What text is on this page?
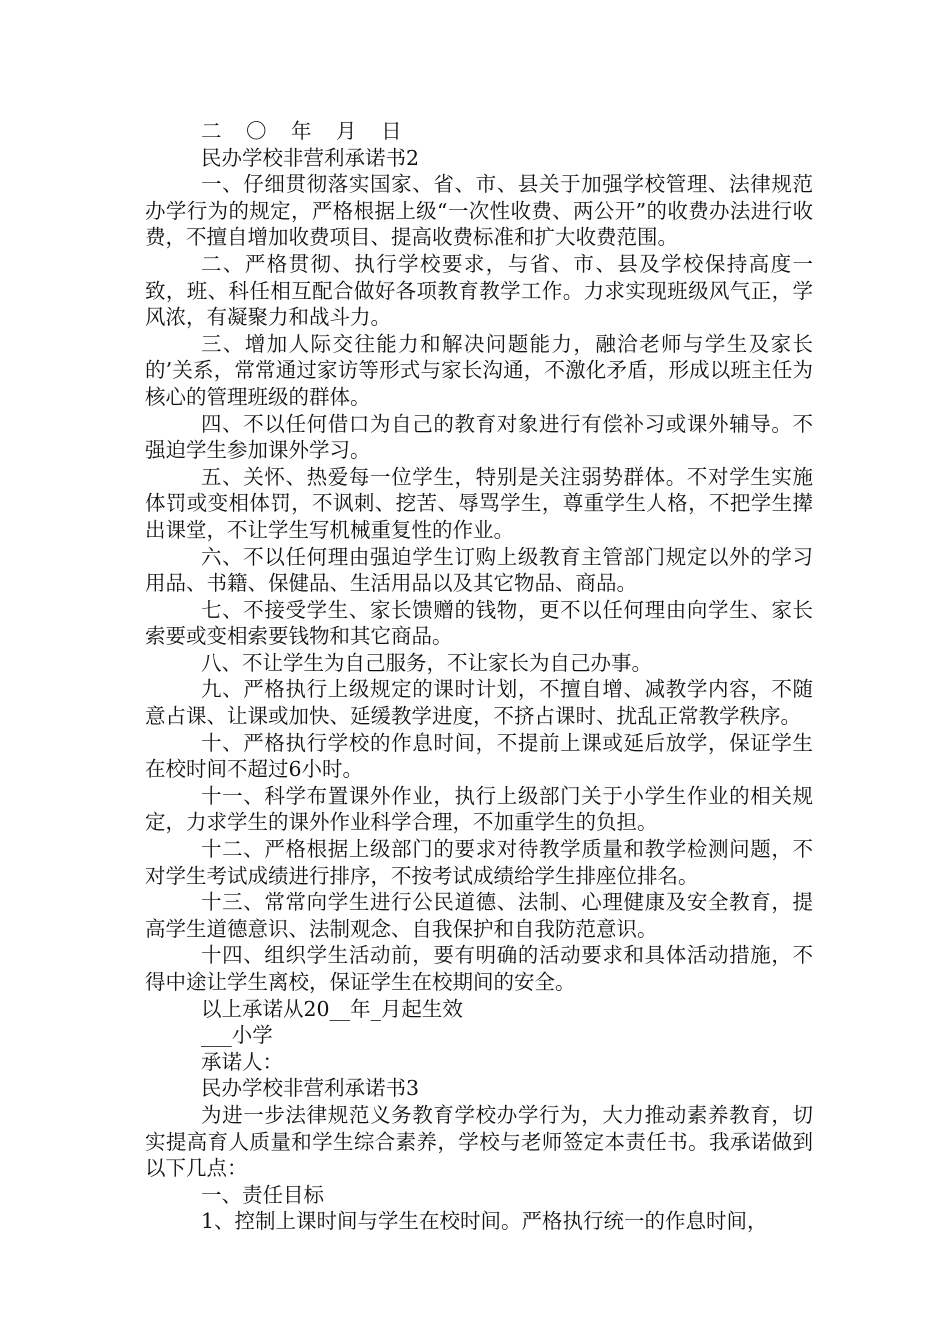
二 〇 年 月 日

民办学校非营利承诺书2

一、仔细贯彻落实国家、省、市、县关于加强学校管理、法律规范办学行为的规定，严格根据上级“一次性收费、两公开”的收费办法进行收费，不擅自增加收费项目、提高收费标准和扩大收费范围。

二、严格贯彻、执行学校要求，与省、市、县及学校保持高度一致，班、科任相互配合做好各项教育教学工作。力求实现班级风气正，学风浓，有凝聚力和战斗力。

三、增加人际交往能力和解决问题能力，融洽老师与学生及家长的’关系，常常通过家访等形式与家长沟通，不激化矛盾，形成以班主任为核心的管理班级的群体。

四、不以任何借口为自己的教育对象进行有偿补习或课外辅导。不强迫学生参加课外学习。

五、关怀、热爱每一位学生，特别是关注弱势群体。不对学生实施体罚或变相体罚，不讽刺、挖苦、辱骂学生，尊重学生人格，不把学生撵出课堂，不让学生写机械重复性的作业。

六、不以任何理由强迫学生订购上级教育主管部门规定以外的学习用品、书籍、保健品、生活用品以及其它物品、商品。

七、不接受学生、家长馈赠的钱物，更不以任何理由向学生、家长索要或变相索要钱物和其它商品。

八、不让学生为自己服务，不让家长为自己办事。

九、严格执行上级规定的课时计划，不擅自增、减教学内容，不随意占课、让课或加快、延缓教学进度，不挤占课时、扰乱正常教学秩序。

十、严格执行学校的作息时间，不提前上课或延后放学，保证学生在校时间不超过6小时。

十一、科学布置课外作业，执行上级部门关于小学生作业的相关规定，力求学生的课外作业科学合理，不加重学生的负担。

十二、严格根据上级部门的要求对待教学质量和教学检测问题，不对学生考试成绩进行排序，不按考试成绩给学生排座位排名。

十三、常常向学生进行公民道德、法制、心理健康及安全教育，提高学生道德意识、法制观念、自我保护和自我防范意识。

十四、组织学生活动前，要有明确的活动要求和具体活动措施，不得中途让学生离校，保证学生在校期间的安全。

以上承诺从20__年_月起生效

___小学

承诺人：

民办学校非营利承诺书3

为进一步法律规范义务教育学校办学行为，大力推动素养教育，切实提高育人质量和学生综合素养，学校与老师签定本责任书。我承诺做到以下几点：

一、责任目标

1、控制上课时间与学生在校时间。严格执行统一的作息时间，
